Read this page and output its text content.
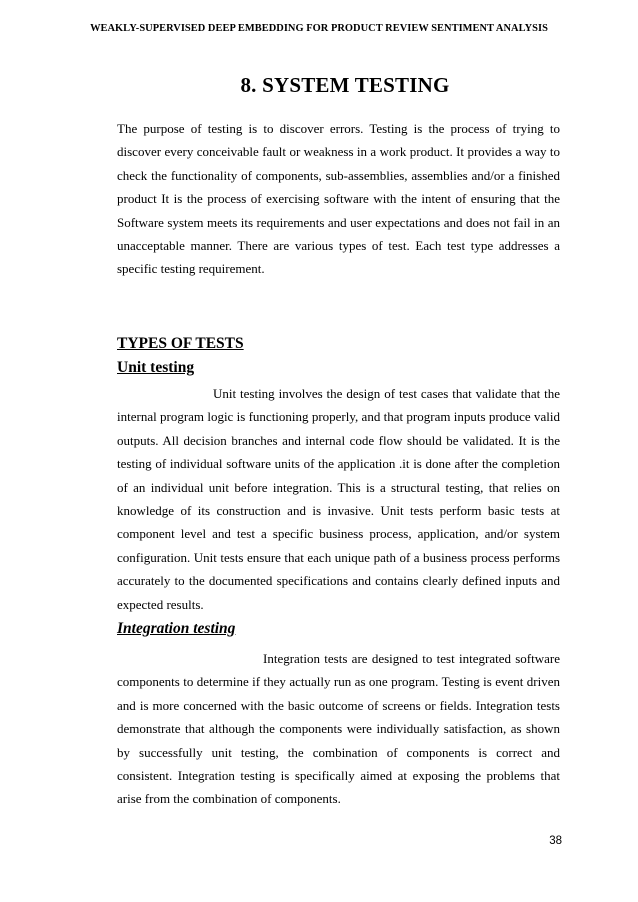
WEAKLY-SUPERVISED DEEP EMBEDDING FOR PRODUCT REVIEW SENTIMENT ANALYSIS
8. SYSTEM TESTING

The purpose of testing is to discover errors. Testing is the process of trying to discover every conceivable fault or weakness in a work product. It provides a way to check the functionality of components, sub-assemblies, assemblies and/or a finished product It is the process of exercising software with the intent of ensuring that the Software system meets its requirements and user expectations and does not fail in an unacceptable manner. There are various types of test. Each test type addresses a specific testing requirement.

TYPES OF TESTS
Unit testing

Unit testing involves the design of test cases that validate that the internal program logic is functioning properly, and that program inputs produce valid outputs. All decision branches and internal code flow should be validated. It is the testing of individual software units of the application .it is done after the completion of an individual unit before integration. This is a structural testing, that relies on knowledge of its construction and is invasive. Unit tests perform basic tests at component level and test a specific business process, application, and/or system configuration. Unit tests ensure that each unique path of a business process performs accurately to the documented specifications and contains clearly defined inputs and expected results.

Integration testing

Integration tests are designed to test integrated software components to determine if they actually run as one program. Testing is event driven and is more concerned with the basic outcome of screens or fields. Integration tests demonstrate that although the components were individually satisfaction, as shown by successfully unit testing, the combination of components is correct and consistent. Integration testing is specifically aimed at exposing the problems that arise from the combination of components.

38
